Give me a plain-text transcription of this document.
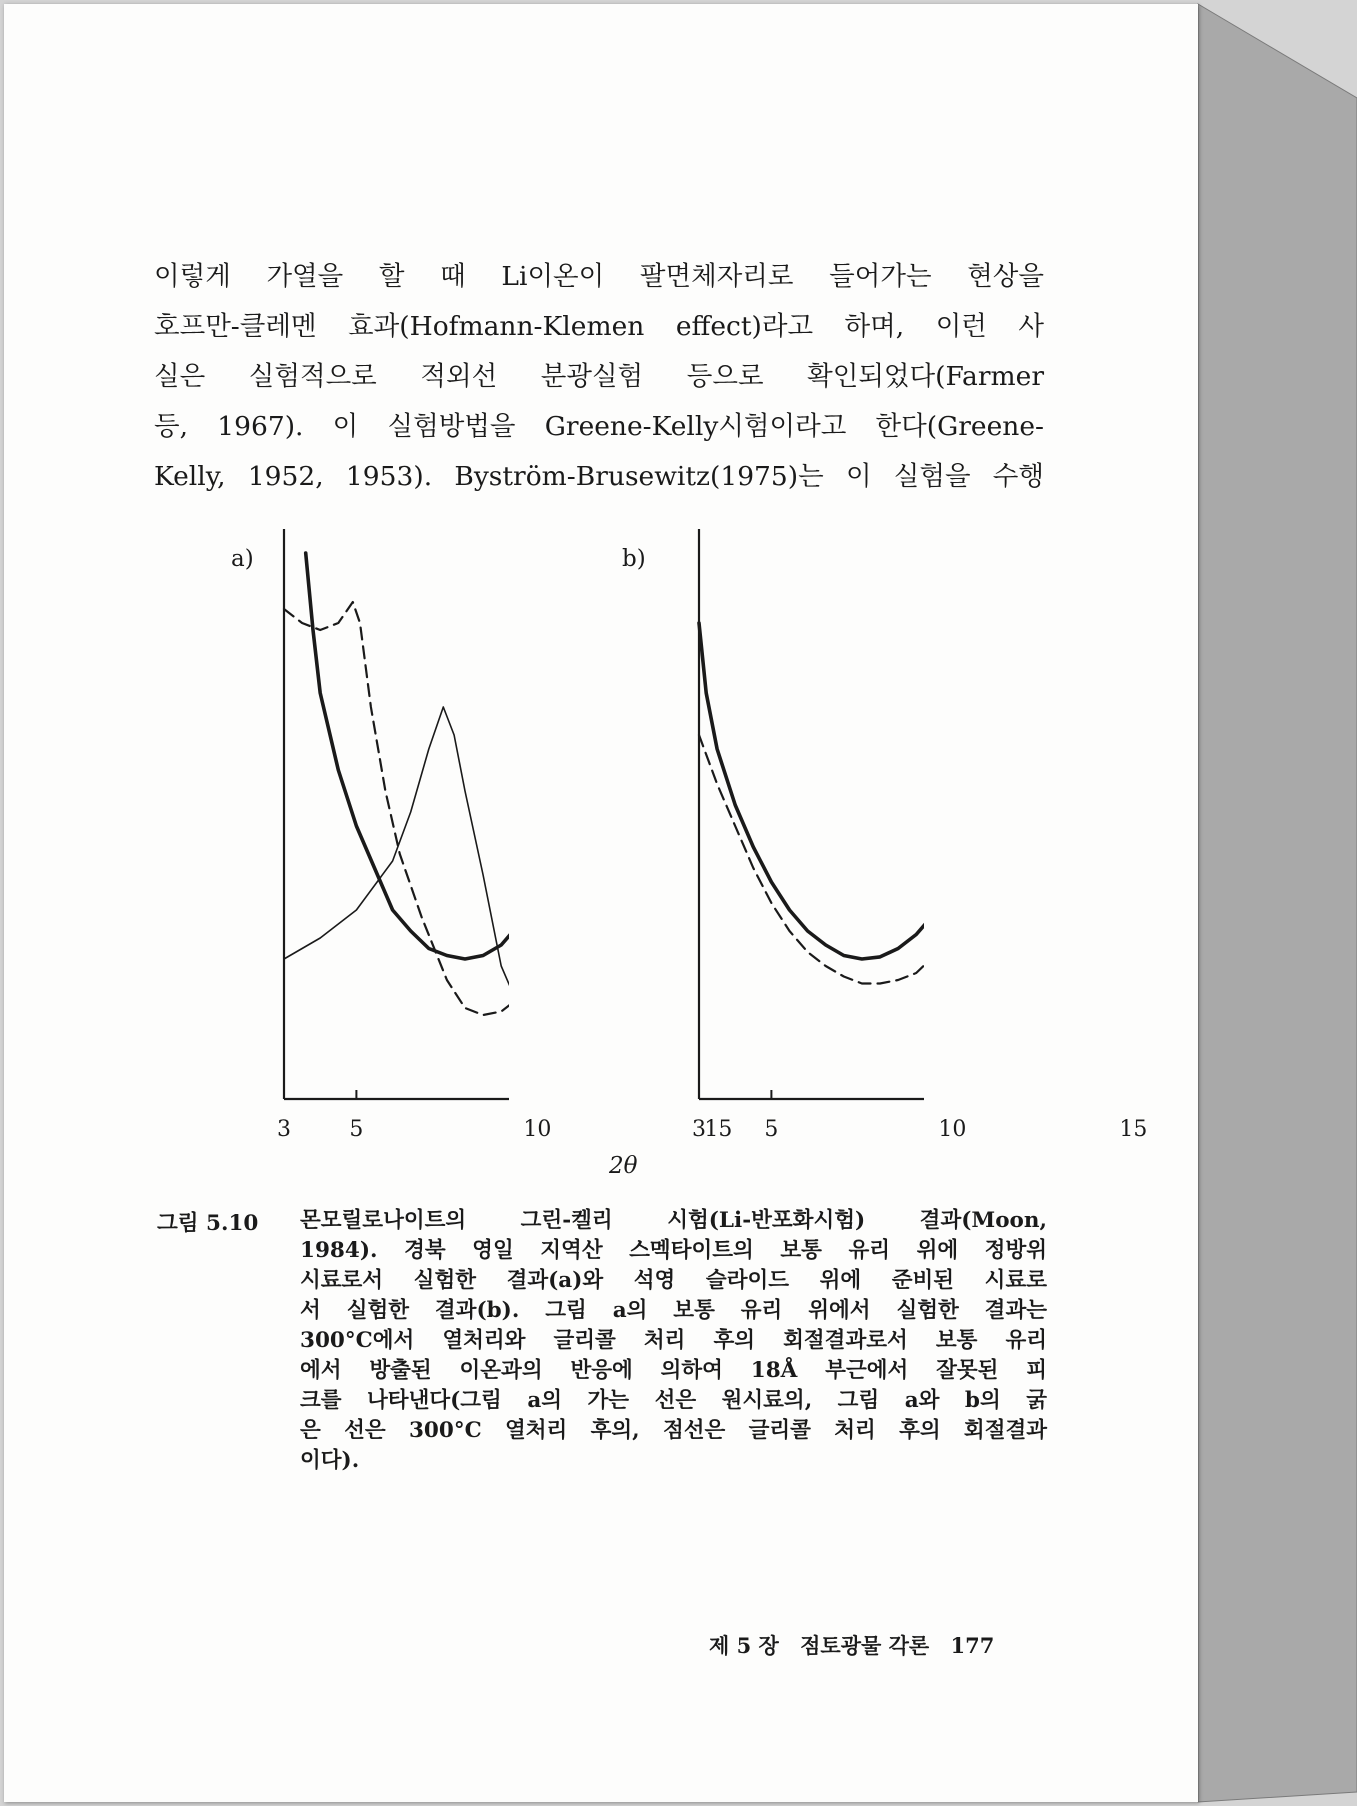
이렇게 가열을 할 때 Li이온이 팔면체자리로 들어가는 현상을

호프만-클레멘 효과(Hofmann-Klemen effect)라고 하며, 이런 사

실은 실험적으로 적외선 분광실험 등으로 확인되었다(Farmer

등, 1967). 이 실험방법을 Greene-Kelly시험이라고 한다(Greene-

Kelly, 1952, 1953). Byström-Brusewitz(1975)는 이 실험을 수행

a)
3	5	10	15
b)
3	5	10	15
2θ
그림 5.10 몬모릴로나이트의 그린-켈리 시험(Li-반포화시험) 결과(Moon,

1984). 경북 영일 지역산 스멕타이트의 보통 유리 위에 정방위

시료로서 실험한 결과(a)와 석영 슬라이드 위에 준비된 시료로

서 실험한 결과(b). 그림 a의 보통 유리 위에서 실험한 결과는

300°C에서 열처리와 글리콜 처리 후의 회절결과로서 보통 유리

에서 방출된 이온과의 반응에 의하여 18Å 부근에서 잘못된 피

크를 나타낸다(그림 a의 가는 선은 원시료의, 그림 a와 b의 굵

은 선은 300°C 열처리 후의, 점선은 글리콜 처리 후의 회절결과

이다).

제 5 장 점토광물 각론 177
